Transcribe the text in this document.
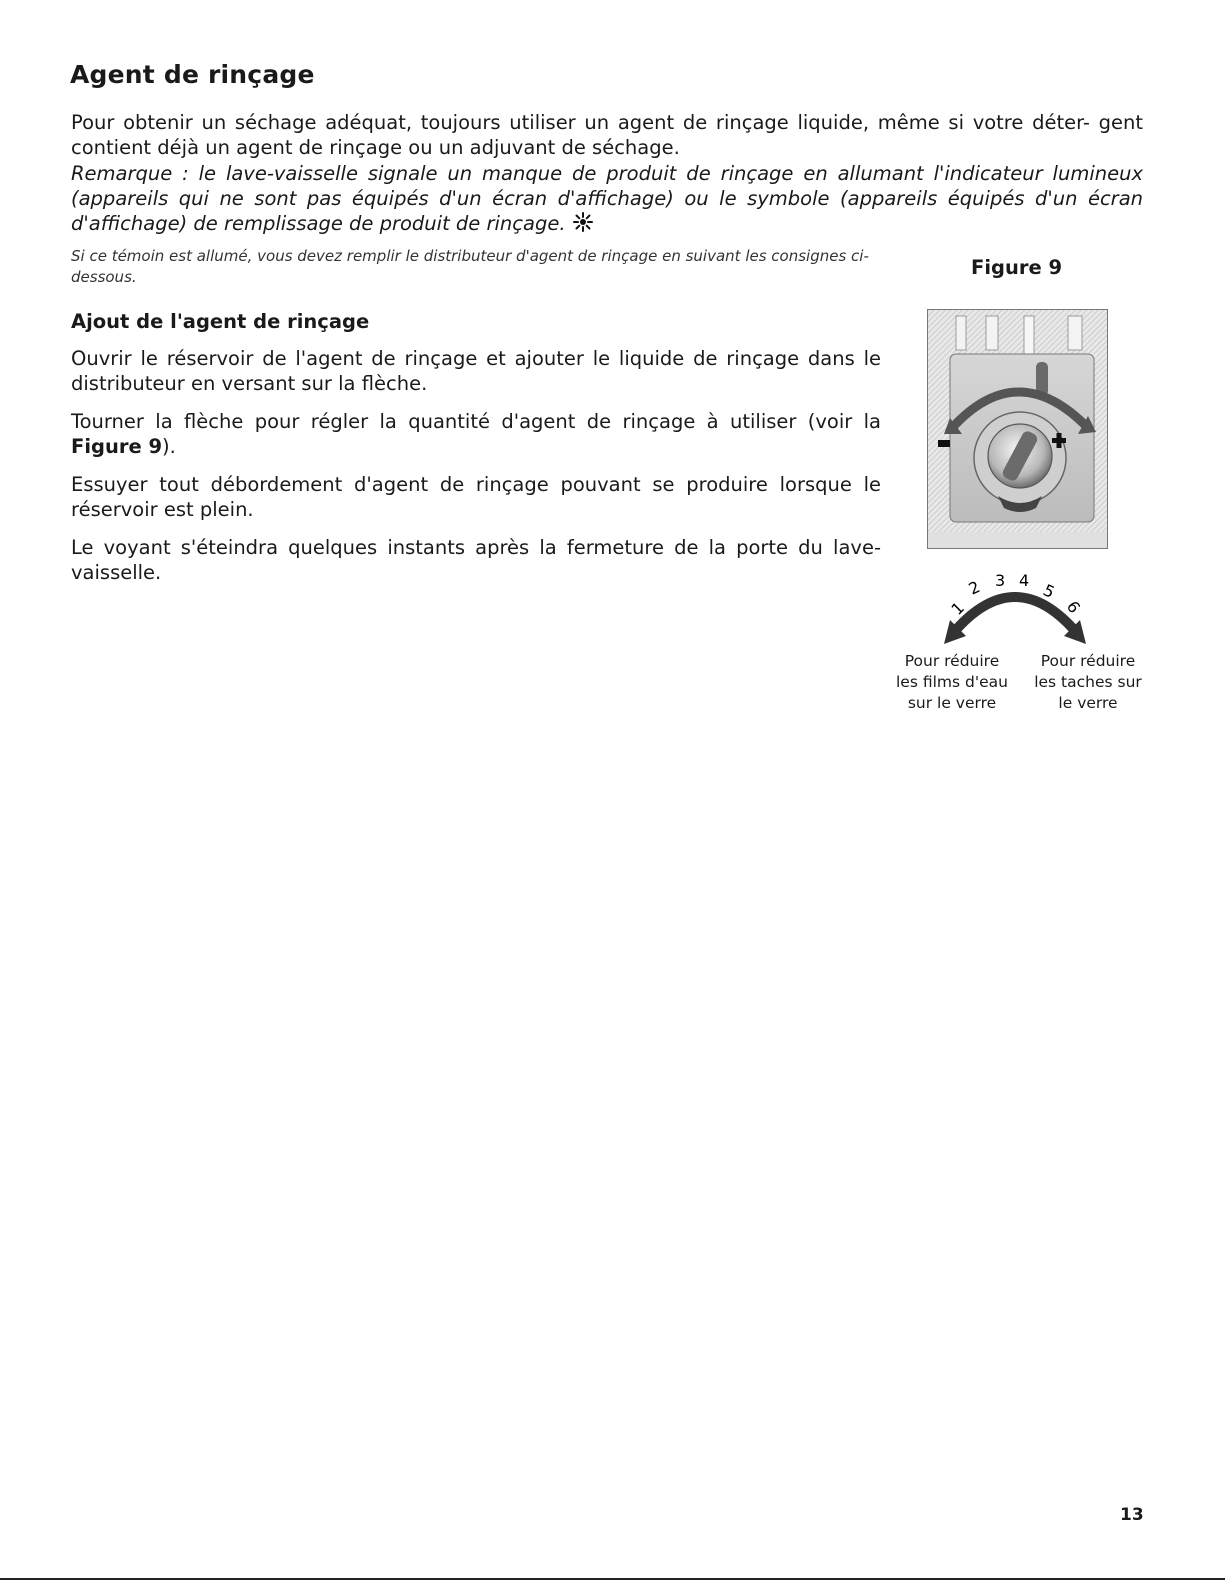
Agent de rinçage

Pour obtenir un séchage adéquat, toujours utiliser un agent de rinçage liquide, même si votre déter- gent contient déjà un agent de rinçage ou un adjuvant de séchage.

Remarque : le lave-vaisselle signale un manque de produit de rinçage en allumant l'indicateur lumineux (appareils qui ne sont pas équipés d'un écran d'affichage) ou le symbole (appareils équipés d'un écran d'affichage) de remplissage de produit de rinçage.

Si ce témoin est allumé, vous devez remplir le distributeur d'agent de rinçage en suivant les consignes ci-dessous.

Ajout de l'agent de rinçage

Ouvrir le réservoir de l'agent de rinçage et ajouter le liquide de rinçage dans le distributeur en versant sur la flèche.

Tourner la flèche pour régler la quantité d'agent de rinçage à utiliser (voir la Figure 9).

Essuyer tout débordement d'agent de rinçage pouvant se produire lorsque le réservoir est plein.

Le voyant s'éteindra quelques instants après la fermeture de la porte du lave- vaisselle.

Figure 9

1
2 3 4 5
6
Pour réduire
les films d'eau
sur le verre
Pour réduire
les taches sur
le verre

13
